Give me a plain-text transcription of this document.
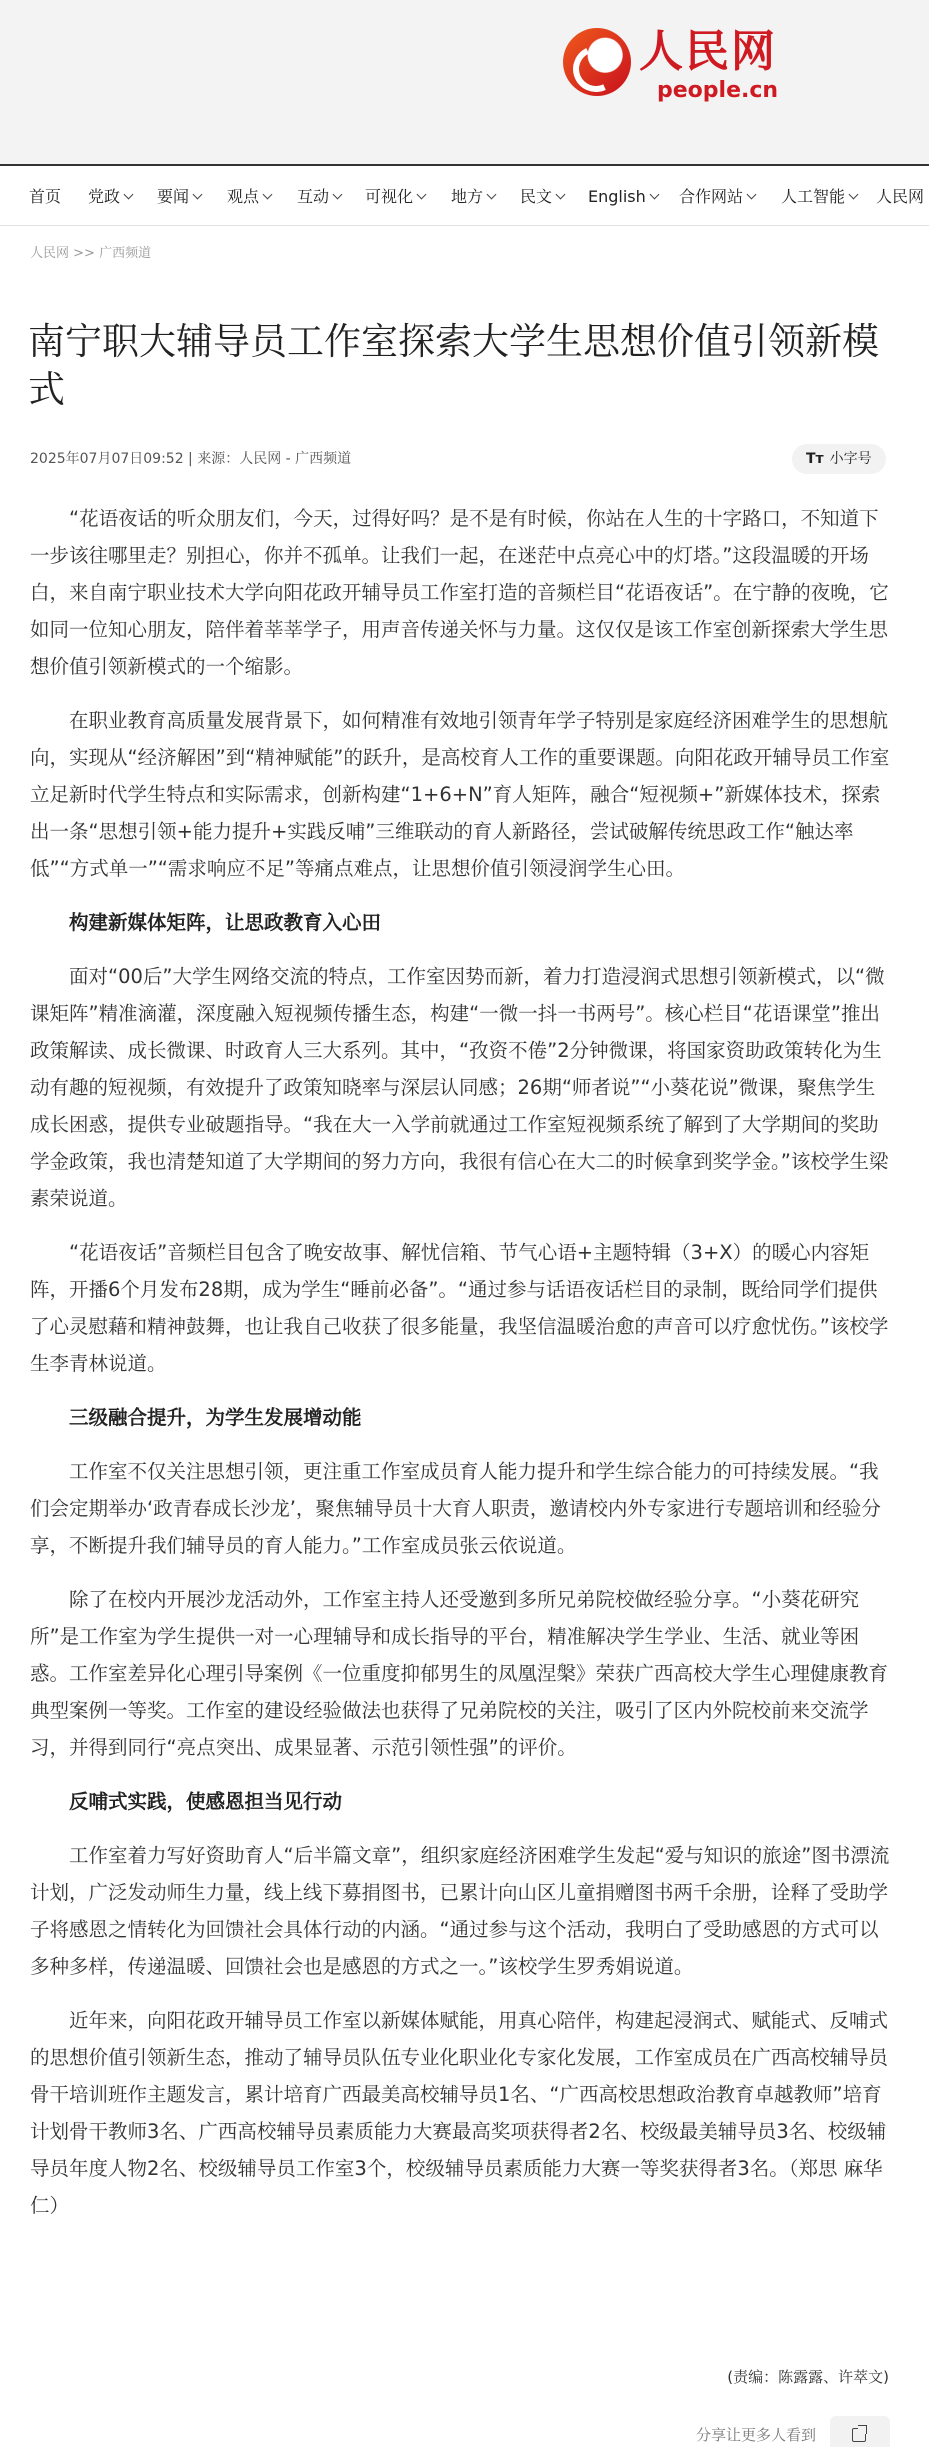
人民网
people.cn
首页 党政	要闻	观点	互动	可视化	地方	民文	English	合作网站	人工智能	人民网
人民网 >> 广西频道
南宁职大辅导员工作室探索大学生思想价值引领新模式
2025年07月07日09:52 | 来源：人民网 - 广西频道	Tт 小字号

“花语夜话的听众朋友们，今天，过得好吗？是不是有时候，你站在人生的十字路口，不知道下一步该往哪里走？别担心，你并不孤单。让我们一起，在迷茫中点亮心中的灯塔。”这段温暖的开场白，来自南宁职业技术大学向阳花政开辅导员工作室打造的音频栏目“花语夜话”。在宁静的夜晚，它如同一位知心朋友，陪伴着莘莘学子，用声音传递关怀与力量。这仅仅是该工作室创新探索大学生思想价值引领新模式的一个缩影。

在职业教育高质量发展背景下，如何精准有效地引领青年学子特别是家庭经济困难学生的思想航向，实现从“经济解困”到“精神赋能”的跃升，是高校育人工作的重要课题。向阳花政开辅导员工作室立足新时代学生特点和实际需求，创新构建“1+6+N”育人矩阵，融合“短视频+”新媒体技术，探索出一条“思想引领+能力提升+实践反哺”三维联动的育人新路径，尝试破解传统思政工作“触达率低”“方式单一”“需求响应不足”等痛点难点，让思想价值引领浸润学生心田。

构建新媒体矩阵，让思政教育入心田

面对“00后”大学生网络交流的特点，工作室因势而新，着力打造浸润式思想引领新模式，以“微课矩阵”精准滴灌，深度融入短视频传播生态，构建“一微一抖一书两号”。核心栏目“花语课堂”推出政策解读、成长微课、时政育人三大系列。其中，“孜资不倦”2分钟微课，将国家资助政策转化为生动有趣的短视频，有效提升了政策知晓率与深层认同感；26期“师者说”“小葵花说”微课，聚焦学生成长困惑，提供专业破题指导。“我在大一入学前就通过工作室短视频系统了解到了大学期间的奖助学金政策，我也清楚知道了大学期间的努力方向，我很有信心在大二的时候拿到奖学金。”该校学生梁素荣说道。

“花语夜话”音频栏目包含了晚安故事、解忧信箱、节气心语+主题特辑（3+X）的暖心内容矩阵，开播6个月发布28期，成为学生“睡前必备”。“通过参与话语夜话栏目的录制，既给同学们提供了心灵慰藉和精神鼓舞，也让我自己收获了很多能量，我坚信温暖治愈的声音可以疗愈忧伤。”该校学生李青林说道。

三级融合提升，为学生发展增动能

工作室不仅关注思想引领，更注重工作室成员育人能力提升和学生综合能力的可持续发展。“我们会定期举办‘政青春成长沙龙’，聚焦辅导员十大育人职责，邀请校内外专家进行专题培训和经验分享，不断提升我们辅导员的育人能力。”工作室成员张云依说道。

除了在校内开展沙龙活动外，工作室主持人还受邀到多所兄弟院校做经验分享。“小葵花研究所”是工作室为学生提供一对一心理辅导和成长指导的平台，精准解决学生学业、生活、就业等困惑。工作室差异化心理引导案例《一位重度抑郁男生的凤凰涅槃》荣获广西高校大学生心理健康教育典型案例一等奖。工作室的建设经验做法也获得了兄弟院校的关注，吸引了区内外院校前来交流学习，并得到同行“亮点突出、成果显著、示范引领性强”的评价。

反哺式实践，使感恩担当见行动

工作室着力写好资助育人“后半篇文章”，组织家庭经济困难学生发起“爱与知识的旅途”图书漂流计划，广泛发动师生力量，线上线下募捐图书，已累计向山区儿童捐赠图书两千余册，诠释了受助学子将感恩之情转化为回馈社会具体行动的内涵。“通过参与这个活动，我明白了受助感恩的方式可以多种多样，传递温暖、回馈社会也是感恩的方式之一。”该校学生罗秀娟说道。

近年来，向阳花政开辅导员工作室以新媒体赋能，用真心陪伴，构建起浸润式、赋能式、反哺式的思想价值引领新生态，推动了辅导员队伍专业化职业化专家化发展，工作室成员在广西高校辅导员骨干培训班作主题发言，累计培育广西最美高校辅导员1名、“广西高校思想政治教育卓越教师”培育计划骨干教师3名、广西高校辅导员素质能力大赛最高奖项获得者2名、校级最美辅导员3名、校级辅导员年度人物2名、校级辅导员工作室3个，校级辅导员素质能力大赛一等奖获得者3名。（郑思 麻华仁）

(责编：陈露露、许萃文)
分享让更多人看到
